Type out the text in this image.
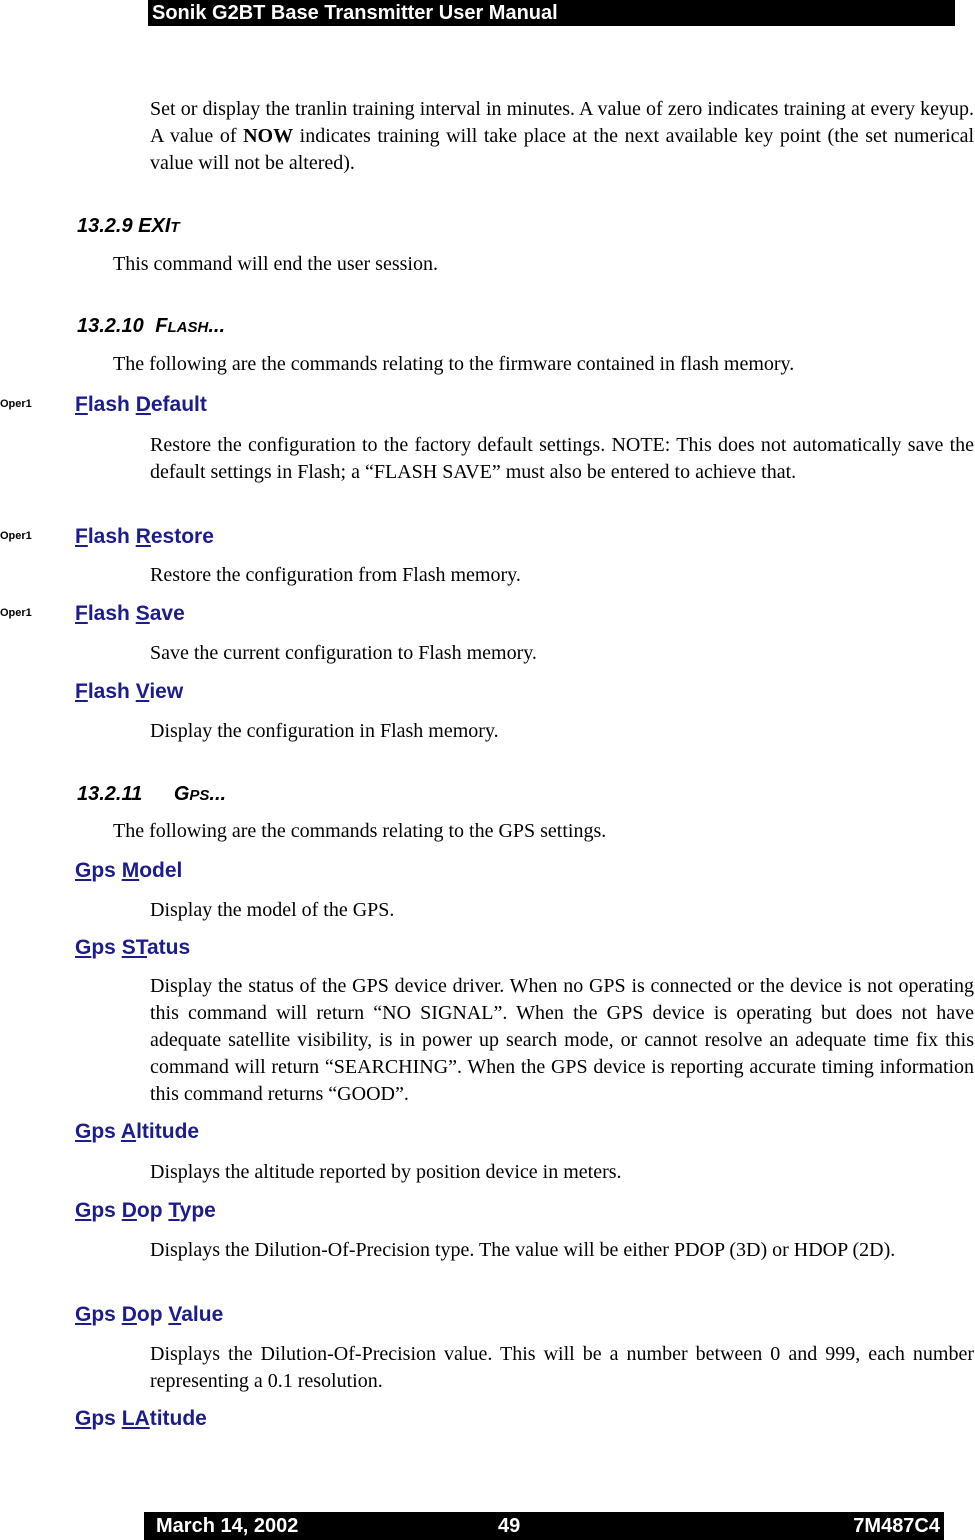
Sonik G2BT Base Transmitter User Manual

Set or display the tranlin training interval in minutes. A value of zero indicates training at every keyup. A value of NOW indicates training will take place at the next available key point (the set numerical value will not be altered).

13.2.9 EXIT

This command will end the user session.

13.2.10 FLASH...

The following are the commands relating to the firmware contained in flash memory.

Oper1 Flash Default

Restore the configuration to the factory default settings. NOTE: This does not automatically save the default settings in Flash; a “FLASH SAVE” must also be entered to achieve that.

Oper1 Flash Restore

Restore the configuration from Flash memory.

Oper1 Flash Save

Save the current configuration to Flash memory.

Flash View

Display the configuration in Flash memory.

13.2.11 GPS...

The following are the commands relating to the GPS settings.

Gps Model

Display the model of the GPS.

Gps STatus

Display the status of the GPS device driver. When no GPS is connected or the device is not operating this command will return “NO SIGNAL”. When the GPS device is operating but does not have adequate satellite visibility, is in power up search mode, or cannot resolve an adequate time fix this command will return “SEARCHING”. When the GPS device is reporting accurate timing information this command returns “GOOD”.

Gps Altitude

Displays the altitude reported by position device in meters.

Gps Dop Type

Displays the Dilution-Of-Precision type. The value will be either PDOP (3D) or HDOP (2D).

Gps Dop Value

Displays the Dilution-Of-Precision value. This will be a number between 0 and 999, each number representing a 0.1 resolution.

Gps LAtitude
March 14, 2002	49	7M487C4
